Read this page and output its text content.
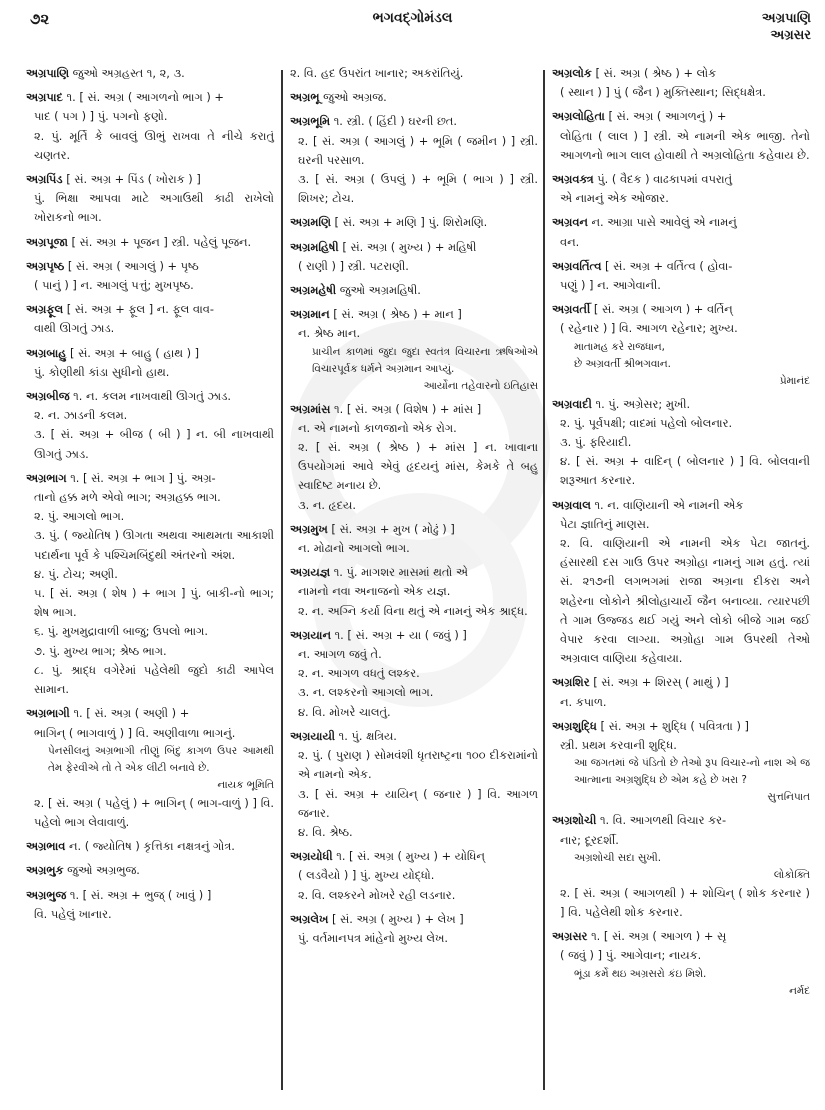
૭૨	ભગવદ્ગોમંડલ	અગ્રપાણિ
અગ્રસર
અગ્રપાણિ જુઓ અગ્રહસ્ત ૧, ૨, ૩.
અગ્રપાદ ૧. [ સં. અગ્ર ( આગળનો ભાગ ) +
પાદ ( પગ ) ] પું. પગનો ફણો.
૨. પું. મૂર્તિ કે બાવલું ઊભું રાખવા તે નીચે કરાતું ચણતર.
અગ્રપિંડ [ સં. અગ્ર + પિંડ ( ખોરાક ) ]
પું. ભિક્ષા આપવા માટે અગાઉથી કાઢી રાખેલો ખોરાકનો ભાગ.
અગ્રપૂજા [ સં. અગ્ર + પૂજન ] સ્ત્રી. પહેલું પૂજન.
અગ્રપૃષ્ઠ [ સં. અગ્ર ( આગલું ) + પૃષ્ઠ
( પાનું ) ] ન. આગલું પત્તું; મુખપૃષ્ઠ.
અગ્રફૂલ [ સં. અગ્ર + ફૂલ ] ન. ફૂલ વાવ-
વાથી ઊગતું ઝાડ.
અગ્રબાહુ [ સં. અગ્ર + બાહુ ( હાથ ) ]
પું. કોણીથી કાંડા સુધીનો હાથ.
અગ્રબીજ ૧. ન. કલમ નાખવાથી ઊગતું ઝાડ.
૨. ન. ઝાડની કલમ.
૩. [ સં. અગ્ર + બીજ ( બી ) ] ન. બી નાખવાથી ઊગતું ઝાડ.
અગ્રભાગ ૧. [ સં. અગ્ર + ભાગ ] પું. અગ્ર-
તાનો હક્ક મળે એવો ભાગ; અગ્રહક્ક ભાગ.
૨. પું. આગલો ભાગ.
૩. પું. ( જ્યોતિષ ) ઊગતા અથવા આથમતા આકાશી પદાર્થના પૂર્વ કે પશ્ચિમબિંદુથી અંતરનો અંશ.
૪. પું. ટોચ; અણી.
૫. [ સં. અગ્ર ( શેષ ) + ભાગ ] પું. બાકી-નો ભાગ; શેષ ભાગ.
૬. પું. મુખમુદ્રાવાળી બાજુ; ઉપલો ભાગ.
૭. પું. મુખ્ય ભાગ; શ્રેષ્ઠ ભાગ.
૮. પું. શ્રાદ્ધ વગેરેમાં પહેલેથી જુદો કાઢી આપેલ સામાન.
અગ્રભાગી ૧. [ સં. અગ્ર ( અણી ) +
ભાગિન્ ( ભાગવાળું ) ] વિ. અણીવાળા ભાગનું.
પેનસીલનું અગ્રભાગી તીણું બિંદુ કાગળ ઉપર આમથી તેમ ફેરવીએ તો તે એક લીટી બનાવે છે.
નાયક ભૂમિતિ
૨. [ સં. અગ્ર ( પહેલું ) + ભાગિન્ ( ભાગ-વાળું ) ] વિ. પહેલો ભાગ લેવાવાળું.
અગ્રભાવ ન. ( જ્યોતિષ ) કૃત્તિકા નક્ષત્રનું ગોત્ર.
અગ્રભુક જુઓ અગ્રભુજ.
અગ્રભુજ ૧. [ સં. અગ્ર + ભુજ્ ( ખાવું ) ]
વિ. પહેલું ખાનાર.
૨. વિ. હદ ઉપરાંત ખાનાર; અકરાંતિયું.
અગ્રભૂ જુઓ અગ્રજ.
અગ્રભૂમિ ૧. સ્ત્રી. ( હિંદી ) ઘરની છત.
૨. [ સં. અગ્ર ( આગલું ) + ભૂમિ ( જમીન ) ] સ્ત્રી. ઘરની પરસાળ.
૩. [ સં. અગ્ર ( ઉપલું ) + ભૂમિ ( ભાગ ) ] સ્ત્રી. શિખર; ટોચ.
અગ્રમણિ [ સં. અગ્ર + મણિ ] પું. શિરોમણિ.
અગ્રમહિષી [ સં. અગ્ર ( મુખ્ય ) + મહિષી
( રાણી ) ] સ્ત્રી. પટરાણી.
અગ્રમહેષી જુઓ અગ્રમહિષી.
અગ્રમાન [ સં. અગ્ર ( શ્રેષ્ઠ ) + માન ]
ન. શ્રેષ્ઠ માન.
પ્રાચીન કાળમાં જુદા જુદા સ્વતંત્ર વિચારના ઋષિઓએ વિચારપૂર્વક ધર્મને અગ્રમાન આપ્યું.
આર્યોના તહેવારનો ઇતિહાસ
અગ્રમાંસ ૧. [ સં. અગ્ર ( વિશેષ ) + માંસ ]
ન. એ નામનો કાળજાનો એક રોગ.
૨. [ સં. અગ્ર ( શ્રેષ્ઠ ) + માંસ ] ન. ખાવાના ઉપયોગમાં આવે એવું હૃદયનું માંસ, કેમકે તે બહુ સ્વાદિષ્ટ મનાય છે.
૩. ન. હૃદય.
અગ્રમુખ [ સં. અગ્ર + મુખ ( મોઢું ) ]
ન. મોઢાનો આગલો ભાગ.
અગ્રયજ્ઞ ૧. પું. માગશર માસમાં થતો એ
નામનો નવા અનાજનો એક યજ્ઞ.
૨. ન. અગ્નિ કર્યા વિના થતું એ નામનું એક શ્રાદ્ધ.
અગ્રયાન ૧. [ સં. અગ્ર + યા ( જવું ) ]
ન. આગળ જવું તે.
૨. ન. આગળ વધતું લશ્કર.
૩. ન. લશ્કરનો આગલો ભાગ.
૪. વિ. મોખરે ચાલતું.
અગ્રયાયી ૧. પું. ક્ષત્રિય.
૨. પું. ( પુરાણ ) સોમવંશી ધૃતરાષ્ટ્રના ૧૦૦ દીકરામાંનો એ નામનો એક.
૩. [ સં. અગ્ર + યાયિન્ ( જનાર ) ] વિ. આગળ જનાર.
૪. વિ. શ્રેષ્ઠ.
અગ્રયોધી ૧. [ સં. અગ્ર ( મુખ્ય ) + યોધિન્
( લડવૈયો ) ] પું. મુખ્ય યોદ્ધો.
૨. વિ. લશ્કરને મોખરે રહી લડનાર.
અગ્રલેખ [ સં. અગ્ર ( મુખ્ય ) + લેખ ]
પું. વર્તમાનપત્ર માંહેનો મુખ્ય લેખ.
અગ્રલોક [ સં. અગ્ર ( શ્રેષ્ઠ ) + લોક
( સ્થાન ) ] પું ( જૈન ) મુક્તિસ્થાન; સિદ્ધક્ષેત્ર.
અગ્રલોહિતા [ સં. અગ્ર ( આગળનું ) +
લોહિતા ( લાલ ) ] સ્ત્રી. એ નામની એક ભાજી. તેનો આગળનો ભાગ લાલ હોવાથી તે અગ્રલોહિતા કહેવાય છે.
અગ્રવક્ત્ર પું. ( વૈદક ) વાઢકાપમાં વપરાતું
એ નામનું એક ઓજાર.
અગ્રવન ન. આગ્રા પાસે આવેલું એ નામનું
વન.
અગ્રવર્તિત્વ [ સં. અગ્ર + વર્તિત્વ ( હોવા-
પણું ) ] ન. આગેવાની.
અગ્રવર્તી [ સં. અગ્ર ( આગળ ) + વર્તિન્
( રહેનાર ) ] વિ. આગળ રહેનાર; મુખ્ય.
માતામહ કરે રાજધાન,
છે અગ્રવર્તી શ્રીભગવાન.
પ્રેમાનંદ
અગ્રવાદી ૧. પું. અગ્રેસર; મુખી.
૨. પું. પૂર્વપક્ષી; વાદમાં પહેલો બોલનાર.
૩. પું. ફરિયાદી.
૪. [ સં. અગ્ર + વાદિન્ ( બોલનાર ) ] વિ. બોલવાની શરૂઆત કરનાર.
અગ્રવાલ ૧. ન. વાણિયાની એ નામની એક
પેટા જ્ઞાતિનું માણસ.
૨. વિ. વાણિયાની એ નામની એક પેટા જાતનું. હંસારથી દસ ગાઉ ઉપર અગ્રોહા નામનું ગામ હતું. ત્યાં સં. ૨૧૭ની લગભગમાં રાજા અગ્રના દીકરા અને શહેરના લોકોને શ્રીલોહાચાર્યે જૈન બનાવ્યા. ત્યારપછી તે ગામ ઉજ્જડ થઈ ગયું અને લોકો બીજે ગામ જઈ વેપાર કરવા લાગ્યા. અગ્રોહા ગામ ઉપરથી તેઓ અગ્રવાલ વાણિયા કહેવાયા.
અગ્રશિર [ સં. અગ્ર + શિરસ્ ( માથું ) ]
ન. કપાળ.
અગ્રશુદ્ધિ [ સં. અગ્ર + શુદ્ધિ ( પવિત્રતા ) ]
સ્ત્રી. પ્રથમ કરવાની શુદ્ધિ.
આ જગતમાં જે પંડિતો છે તેઓ રૂપ વિચાર-નો નાશ એ જ આત્માના અગ્રશુદ્ધિ છે એમ કહે છે ખરા ?
સુત્તનિપાત
અગ્રશોચી ૧. વિ. આગળથી વિચાર કર-
નાર; દૂરદર્શી.
અગ્રશોચી સદા સુખી.
લોકોક્તિ
૨. [ સં. અગ્ર ( આગળથી ) + શોચિન્ ( શોક કરનાર ) ] વિ. પહેલેથી શોક કરનાર.
અગ્રસર ૧. [ સં. અગ્ર ( આગળ ) + સૃ
( જવું ) ] પું. આગેવાન; નાયક.
ભૂંડા કર્મે થઇ અગ્રસરો કંઇ મિશે.
નર્મદ
